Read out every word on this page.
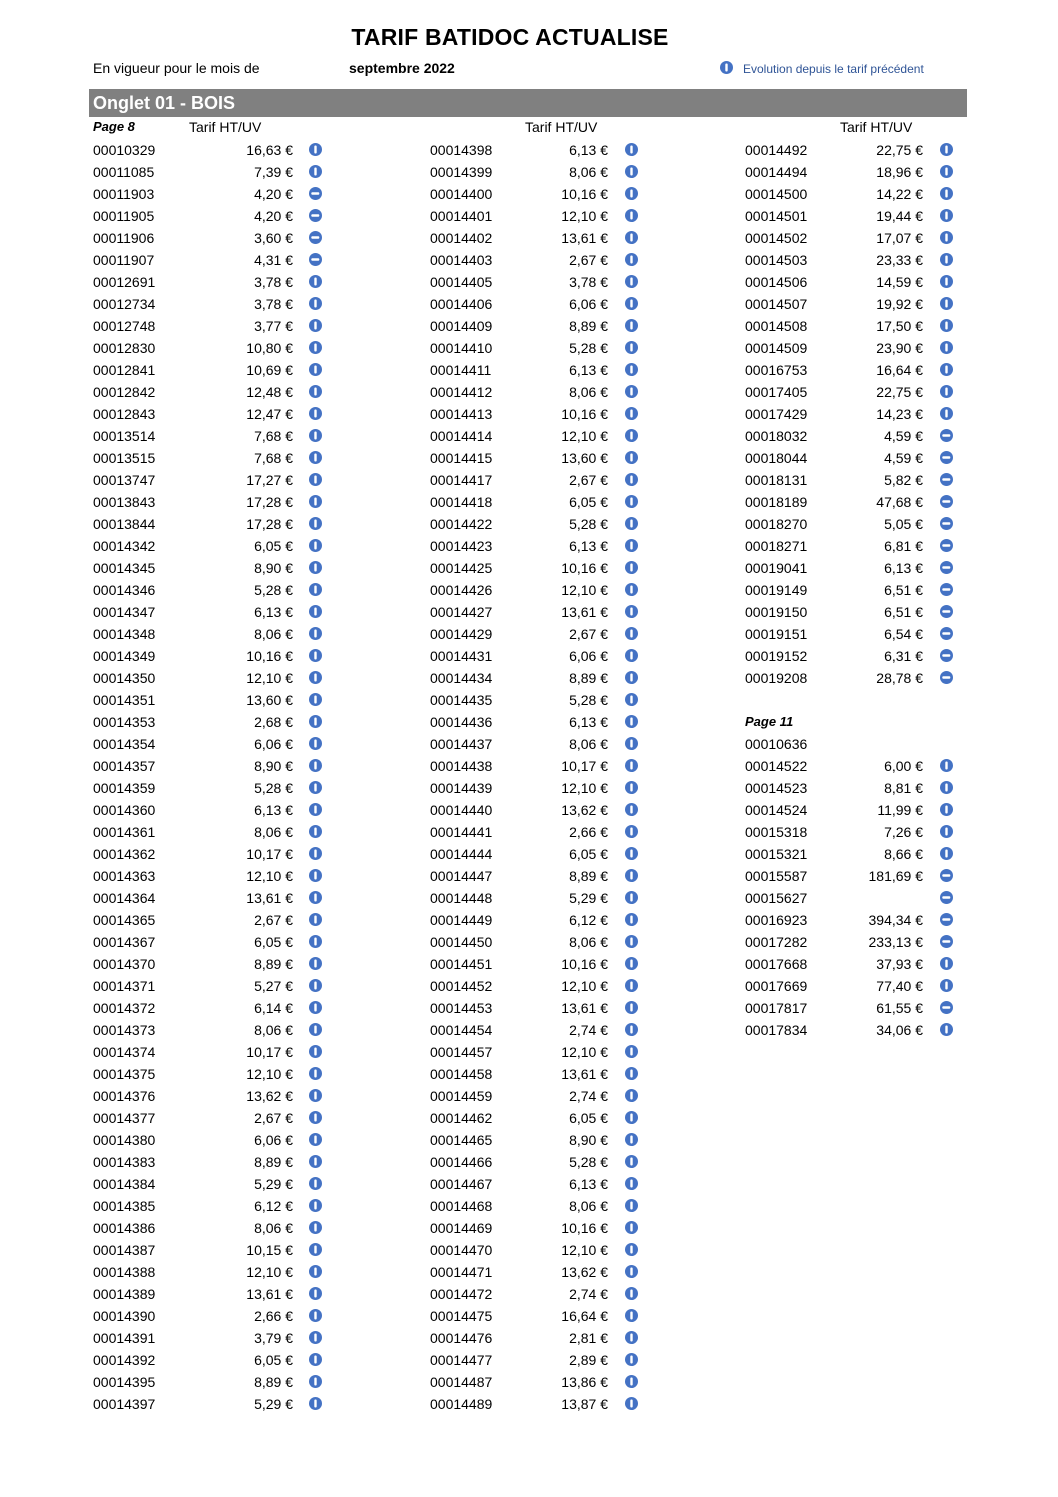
TARIF BATIDOC ACTUALISE
En vigueur pour le mois de	septembre 2022	Evolution depuis le tarif précédent
Onglet 01 - BOIS
Page 8	Tarif HT/UV	Tarif HT/UV	Tarif HT/UV
00010329	16,63 €
00011085	7,39 €
00011903	4,20 €
00011905	4,20 €
00011906	3,60 €
00011907	4,31 €
00012691	3,78 €
00012734	3,78 €
00012748	3,77 €
00012830	10,80 €
00012841	10,69 €
00012842	12,48 €
00012843	12,47 €
00013514	7,68 €
00013515	7,68 €
00013747	17,27 €
00013843	17,28 €
00013844	17,28 €
00014342	6,05 €
00014345	8,90 €
00014346	5,28 €
00014347	6,13 €
00014348	8,06 €
00014349	10,16 €
00014350	12,10 €
00014351	13,60 €
00014353	2,68 €
00014354	6,06 €
00014357	8,90 €
00014359	5,28 €
00014360	6,13 €
00014361	8,06 €
00014362	10,17 €
00014363	12,10 €
00014364	13,61 €
00014365	2,67 €
00014367	6,05 €
00014370	8,89 €
00014371	5,27 €
00014372	6,14 €
00014373	8,06 €
00014374	10,17 €
00014375	12,10 €
00014376	13,62 €
00014377	2,67 €
00014380	6,06 €
00014383	8,89 €
00014384	5,29 €
00014385	6,12 €
00014386	8,06 €
00014387	10,15 €
00014388	12,10 €
00014389	13,61 €
00014390	2,66 €
00014391	3,79 €
00014392	6,05 €
00014395	8,89 €
00014397	5,29 €
00014398	6,13 €
00014399	8,06 €
00014400	10,16 €
00014401	12,10 €
00014402	13,61 €
00014403	2,67 €
00014405	3,78 €
00014406	6,06 €
00014409	8,89 €
00014410	5,28 €
00014411	6,13 €
00014412	8,06 €
00014413	10,16 €
00014414	12,10 €
00014415	13,60 €
00014417	2,67 €
00014418	6,05 €
00014422	5,28 €
00014423	6,13 €
00014425	10,16 €
00014426	12,10 €
00014427	13,61 €
00014429	2,67 €
00014431	6,06 €
00014434	8,89 €
00014435	5,28 €
00014436	6,13 €
00014437	8,06 €
00014438	10,17 €
00014439	12,10 €
00014440	13,62 €
00014441	2,66 €
00014444	6,05 €
00014447	8,89 €
00014448	5,29 €
00014449	6,12 €
00014450	8,06 €
00014451	10,16 €
00014452	12,10 €
00014453	13,61 €
00014454	2,74 €
00014457	12,10 €
00014458	13,61 €
00014459	2,74 €
00014462	6,05 €
00014465	8,90 €
00014466	5,28 €
00014467	6,13 €
00014468	8,06 €
00014469	10,16 €
00014470	12,10 €
00014471	13,62 €
00014472	2,74 €
00014475	16,64 €
00014476	2,81 €
00014477	2,89 €
00014487	13,86 €
00014489	13,87 €
00014492	22,75 €
00014494	18,96 €
00014500	14,22 €
00014501	19,44 €
00014502	17,07 €
00014503	23,33 €
00014506	14,59 €
00014507	19,92 €
00014508	17,50 €
00014509	23,90 €
00016753	16,64 €
00017405	22,75 €
00017429	14,23 €
00018032	4,59 €
00018044	4,59 €
00018131	5,82 €
00018189	47,68 €
00018270	5,05 €
00018271	6,81 €
00019041	6,13 €
00019149	6,51 €
00019150	6,51 €
00019151	6,54 €
00019152	6,31 €
00019208	28,78 €
Page 11
00010636
00014522	6,00 €
00014523	8,81 €
00014524	11,99 €
00015318	7,26 €
00015321	8,66 €
00015587	181,69 €
00015627
00016923	394,34 €
00017282	233,13 €
00017668	37,93 €
00017669	77,40 €
00017817	61,55 €
00017834	34,06 €
